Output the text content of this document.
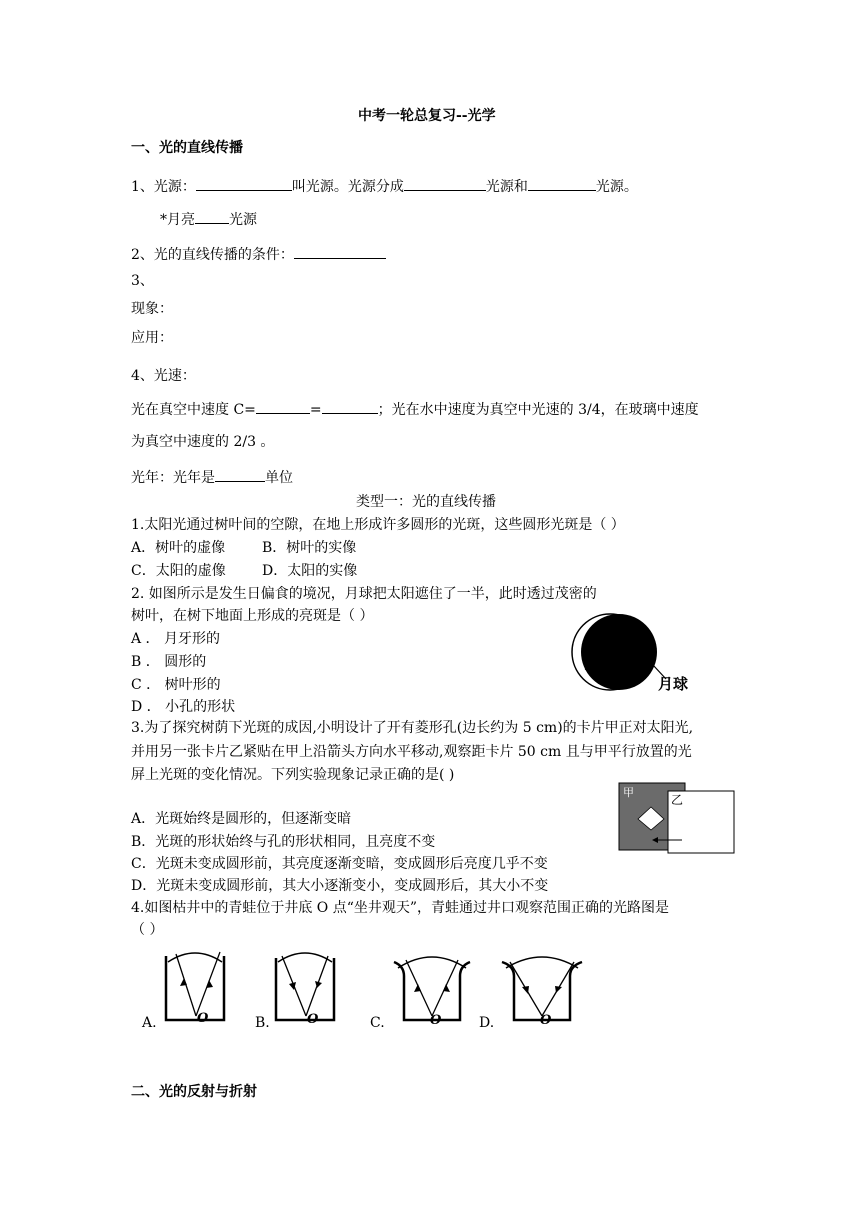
中考一轮总复习--光学
一、光的直线传播
1、光源：	叫光源。光源分成	光源和	光源。
*月亮 光源
2、光的直线传播的条件：
3、
现象：
应用：
4、光速：
光在真空中速度 C=	=	；光在水中速度为真空中光速的 3/4，在玻璃中速度
为真空中速度的 2/3 。
光年：光年是	单位
类型一：光的直线传播
1.太阳光通过树叶间的空隙，在地上形成许多圆形的光斑，这些圆形光斑是（ ）
A．树叶的虚像	B．树叶的实像
C．太阳的虚像	D．太阳的实像
2. 如图所示是发生日偏食的境况，月球把太阳遮住了一半，此时透过茂密的
树叶，在树下地面上形成的亮斑是（ ）
A ． 月牙形的
B ． 圆形的
C ． 树叶形的
D ． 小孔的形状
太
阳
月球
3.为了探究树荫下光斑的成因,小明设计了开有菱形孔(边长约为 5 cm)的卡片甲正对太阳光,
并用另一张卡片乙紧贴在甲上沿箭头方向水平移动,观察距卡片 50 cm 且与甲平行放置的光
屏上光斑的变化情况。下列实验现象记录正确的是( )
A．光斑始终是圆形的，但逐渐变暗
B．光斑的形状始终与孔的形状相同，且亮度不变
C．光斑未变成圆形前，其亮度逐渐变暗，变成圆形后亮度几乎不变
D．光斑未变成圆形前，其大小逐渐变小，变成圆形后，其大小不变
甲
乙
4.如图枯井中的青蛙位于井底 O 点“坐井观天”，青蛙通过井口观察范围正确的光路图是
（ ）
O	O	O	O
A.	B.	C.	D.
二、光的反射与折射
